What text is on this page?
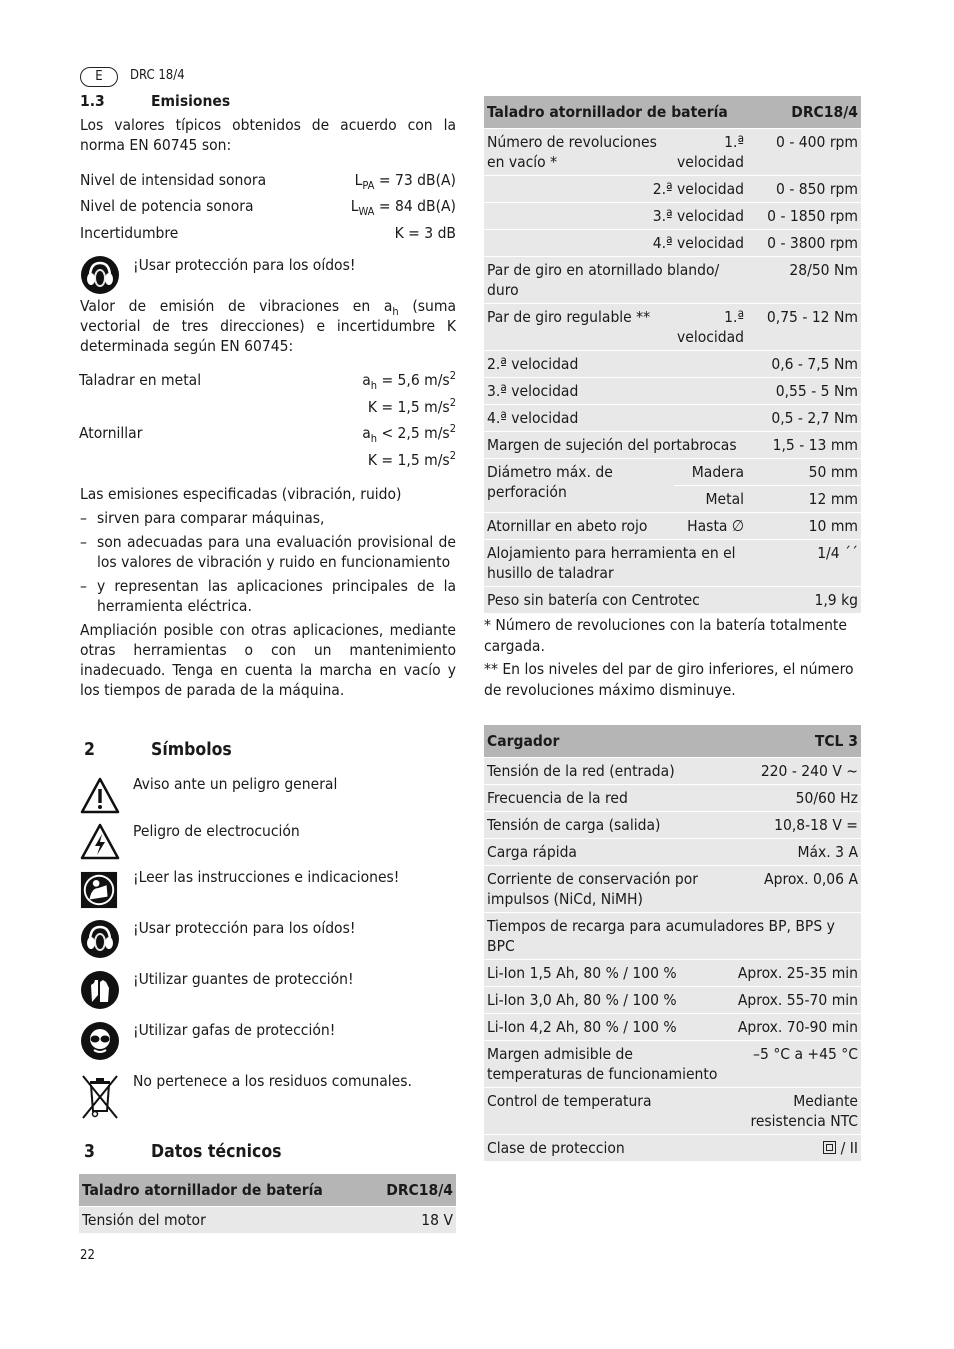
E	DRC 18/4
1.3	Emisiones
Los valores típicos obtenidos de acuerdo con la norma EN 60745 son:
Nivel de intensidad sonora	$L_{PA} = 73$ dB(A)
Nivel de potencia sonora	$L_{WA} = 84$ dB(A)
Incertidumbre	K = 3 dB
¡Usar protección para los oídos!
Valor de emisión de vibraciones en $a_h$ (suma vectorial de tres direcciones) e incertidumbre K determinada según EN 60745:
Taladrar en metal	$a_h = 5,6$ $m/s^2$
K = 1,5 $m/s^2$
Atornillar	$a_h < 2,5$ $m/s^2$
K = 1,5 $m/s^2$
Las emisiones especificadas (vibración, ruido)
– sirven para comparar máquinas,
– son adecuadas para una evaluación provisional de los valores de vibración y ruido en funcionamiento
– y representan las aplicaciones principales de la herramienta eléctrica.
Ampliación posible con otras aplicaciones, mediante otras herramientas o con un mantenimiento inadecuado. Tenga en cuenta la marcha en vacío y los tiempos de parada de la máquina.
2	Símbolos
Aviso ante un peligro general
Peligro de electrocución
¡Leer las instrucciones e indicaciones!
¡Usar protección para los oídos!
¡Utilizar guantes de protección!
¡Utilizar gafas de protección!
No pertenece a los residuos comunales.
3	Datos técnicos
Taladro atornillador de batería	DRC18/4
Tensión del motor	18 V
22
Taladro atornillador de batería		DRC18/4
Número de revoluciones en vacío *	1.ª velocidad	0 - 400 rpm
2.ª velocidad		0 - 850 rpm
3.ª velocidad		0 - 1850 rpm
4.ª velocidad		0 - 3800 rpm
Par de giro en atornillado blando/ duro		28/50 Nm
Par de giro regulable **	1.ª velocidad	0,75 - 12 Nm
2.ª velocidad		0,6 - 7,5 Nm
3.ª velocidad		0,55 - 5 Nm
4.ª velocidad		0,5 - 2,7 Nm
Margen de sujeción del portabrocas		1,5 - 13 mm
Diámetro máx. de perforación	Madera	50 mm
	Metal	12 mm
Atornillar en abeto rojo	Hasta ∅	10 mm
Alojamiento para herramienta en el husillo de taladrar		1/4 ´´
Peso sin batería con Centrotec		1,9 kg
* Número de revoluciones con la batería totalmente cargada.
** En los niveles del par de giro inferiores, el número de revoluciones máximo disminuye.
Cargador	TCL 3
Tensión de la red (entrada)	220 - 240 V ~
Frecuencia de la red	50/60 Hz
Tensión de carga (salida)	10,8-18 V =
Carga rápida	Máx. 3 A
Corriente de conservación por impulsos (NiCd, NiMH)	Aprox. 0,06 A
Tiempos de recarga para acumuladores BP, BPS y BPC	
Li-Ion 1,5 Ah, 80 % / 100 %	Aprox. 25-35 min
Li-Ion 3,0 Ah, 80 % / 100 %	Aprox. 55-70 min
Li-Ion 4,2 Ah, 80 % / 100 %	Aprox. 70-90 min
Margen admisible de temperaturas de funcionamiento	–5 °C a +45 °C
Control de temperatura	Mediante resistencia NTC
Clase de proteccion	/ II
